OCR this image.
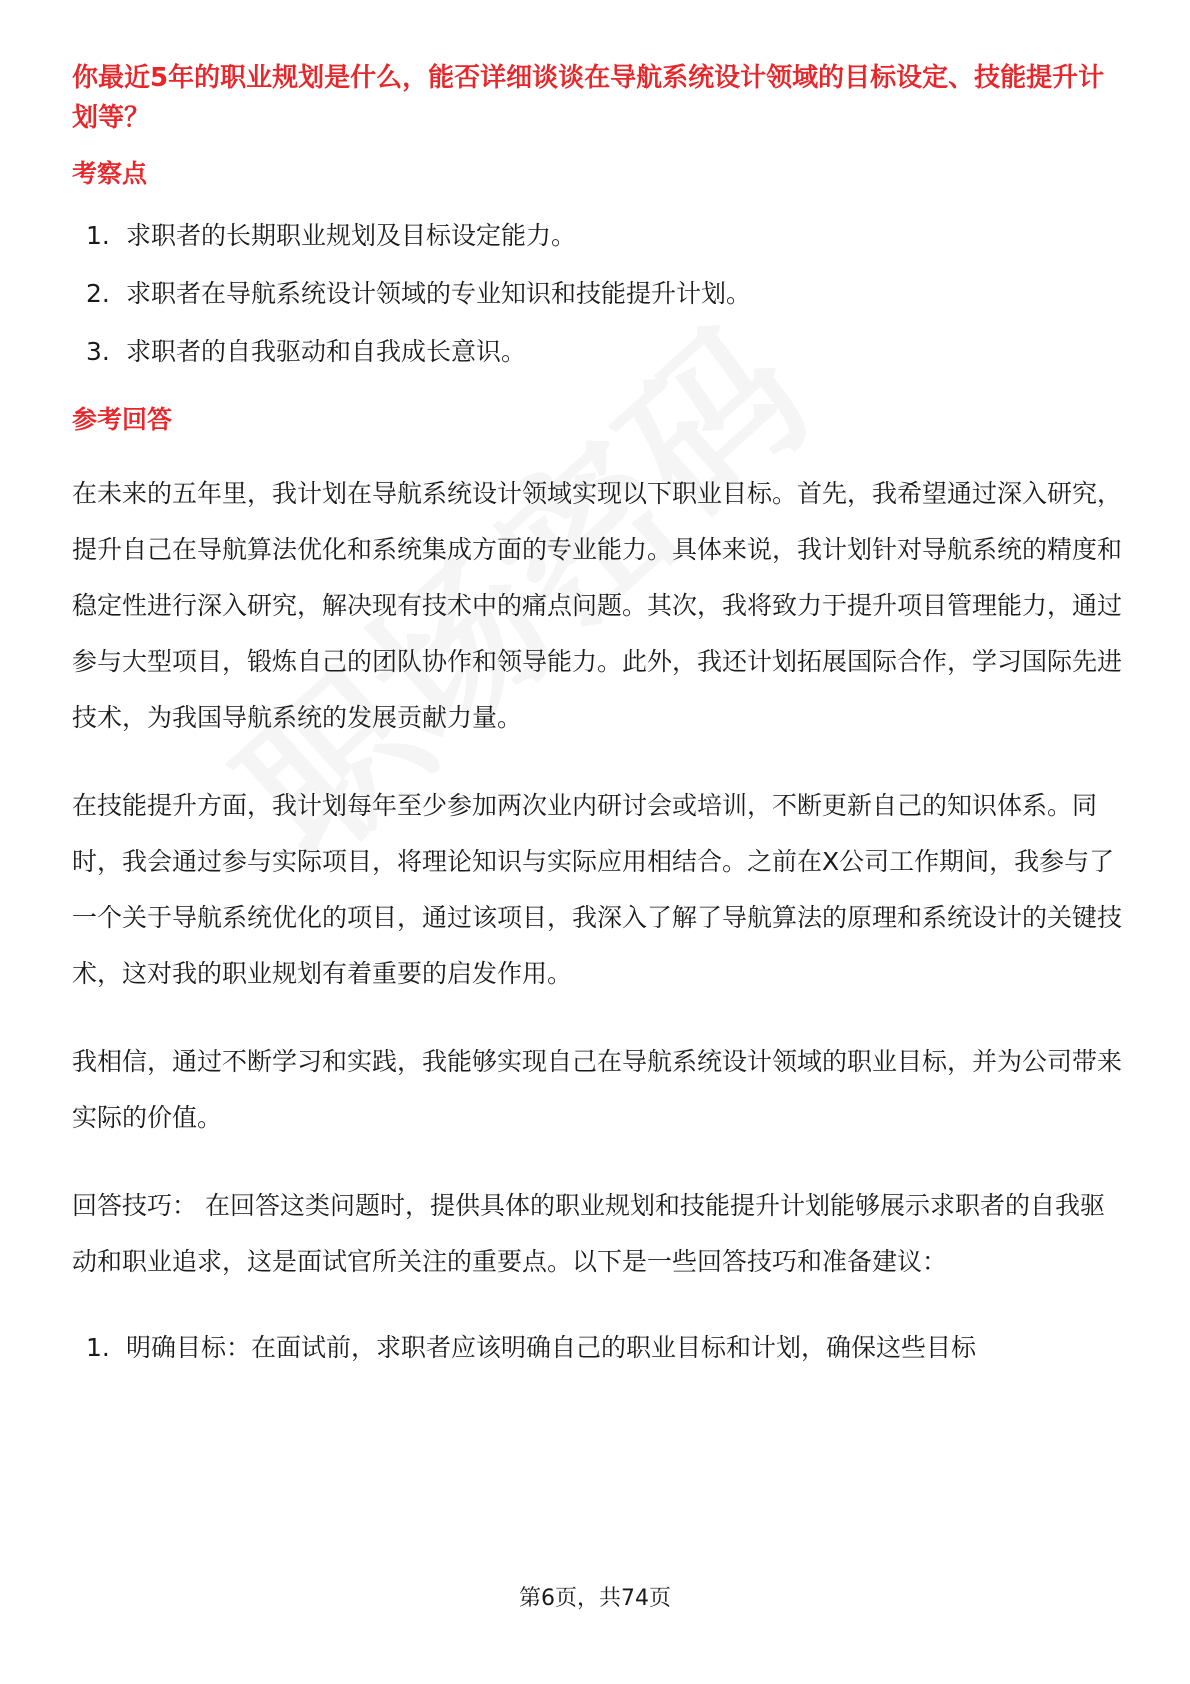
你最近5年的职业规划是什么，能否详细谈谈在导航系统设计领域的目标设定、技能提升计划等？
考察点
1. 求职者的长期职业规划及目标设定能力。
2. 求职者在导航系统设计领域的专业知识和技能提升计划。
3. 求职者的自我驱动和自我成长意识。
参考回答

在未来的五年里，我计划在导航系统设计领域实现以下职业目标。首先，我希望通过深入研究，提升自己在导航算法优化和系统集成方面的专业能力。具体来说，我计划针对导航系统的精度和稳定性进行深入研究，解决现有技术中的痛点问题。其次，我将致力于提升项目管理能力，通过参与大型项目，锻炼自己的团队协作和领导能力。此外，我还计划拓展国际合作，学习国际先进技术，为我国导航系统的发展贡献力量。

在技能提升方面，我计划每年至少参加两次业内研讨会或培训，不断更新自己的知识体系。同时，我会通过参与实际项目，将理论知识与实际应用相结合。之前在X公司工作期间，我参与了一个关于导航系统优化的项目，通过该项目，我深入了解了导航算法的原理和系统设计的关键技术，这对我的职业规划有着重要的启发作用。

我相信，通过不断学习和实践，我能够实现自己在导航系统设计领域的职业目标，并为公司带来实际的价值。

回答技巧： 在回答这类问题时，提供具体的职业规划和技能提升计划能够展示求职者的自我驱动和职业追求，这是面试官所关注的重要点。以下是一些回答技巧和准备建议：

1. 明确目标：在面试前，求职者应该明确自己的职业目标和计划，确保这些目标
第6页，共74页
